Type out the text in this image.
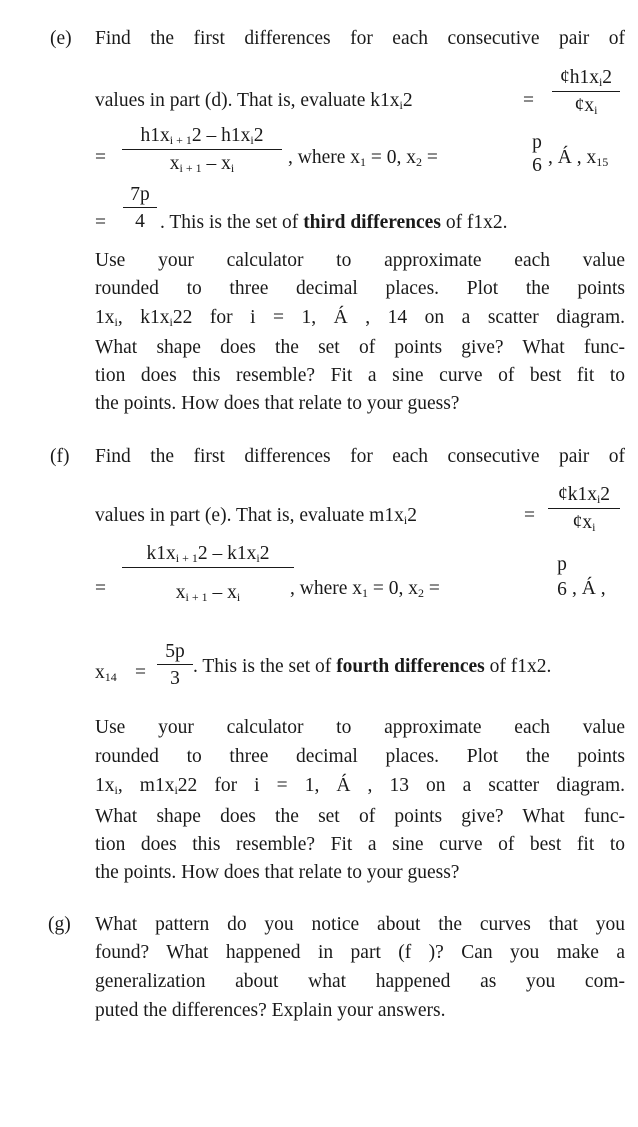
(e) Find the first differences for each consecutive pair of
values in part (d). That is, evaluate $k1x_i2$	= $\frac{¢h1x_i2}{¢x_i}$
= $\frac{h1x_{i + 1}2 - h1x_i2}{x_{i + 1} - x_i}$ , where $x_1 = 0$, $x_2$ =
p
6 , Á , $x_{15}$
= $\frac{7p}{4}$ . This is the set of third differences of f1x2.
Use your calculator to approximate each value
rounded to three decimal places. Plot the points
$1x_i$, $k1x_i22$ for i = 1, Á , 14 on a scatter diagram.
What shape does the set of points give? What func-
tion does this resemble? Fit a sine curve of best fit to
the points. How does that relate to your guess?
(f) Find the first differences for each consecutive pair of
values in part (e). That is, evaluate $m1x_i2$	= $\frac{¢k1x_i2}{¢x_i}$
= $\frac{k1x_{i + 1}2 - k1x_i2}{x_{i + 1} - x_i}$
, where $x_1 = 0$, $x_2$ =
p
6 , Á ,
$x_{14} = \frac{5p}{3}$ . This is the set of fourth differences of f1x2.
Use your calculator to approximate each value
rounded to three decimal places. Plot the points
$1x_i$, $m1x_i22$ for i = 1, Á , 13 on a scatter diagram.
What shape does the set of points give? What func-
tion does this resemble? Fit a sine curve of best fit to
the points. How does that relate to your guess?
(g) What pattern do you notice about the curves that you
found? What happened in part (f )? Can you make a
generalization about what happened as you com-
puted the differences? Explain your answers.
